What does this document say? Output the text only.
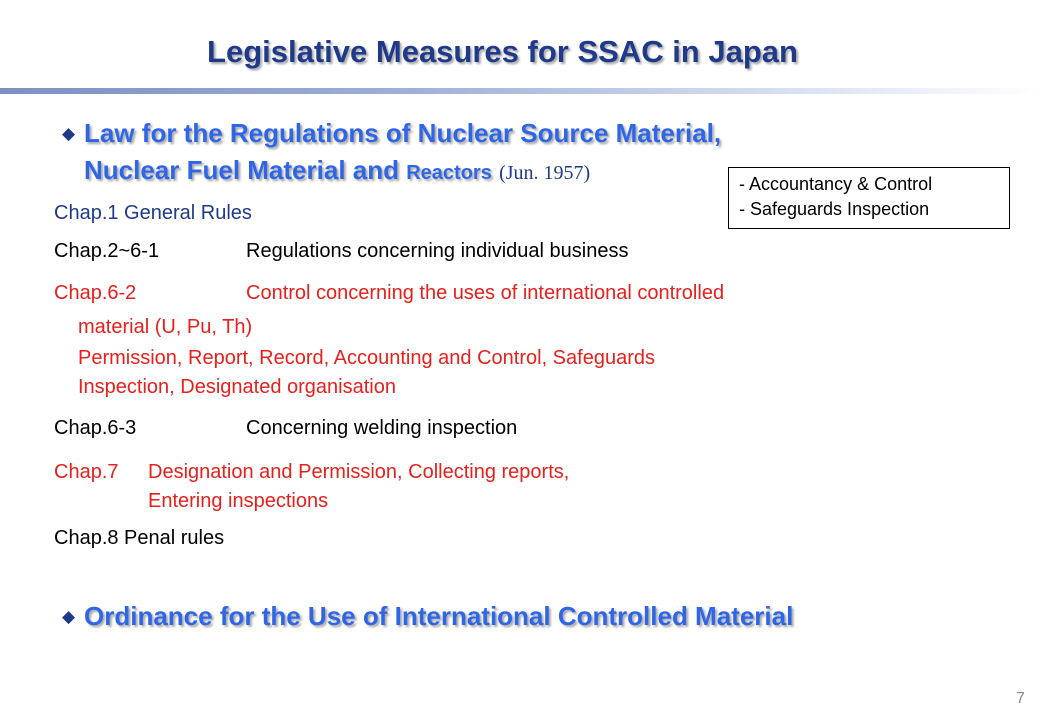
Legislative Measures for SSAC in Japan
◆ Law for the Regulations of Nuclear Source Material,
Nuclear Fuel Material and Reactors (Jun. 1957)	- Accountancy & Control
- Safeguards Inspection
Chap.1 General Rules
Chap.2~6-1	Regulations concerning individual business
Chap.6-2	Control concerning the uses of international controlled
material (U, Pu, Th)
Permission, Report, Record, Accounting and Control, Safeguards
Inspection, Designated organisation
Chap.6-3	Concerning welding inspection
Chap.7 Designation and Permission, Collecting reports,
Entering inspections
Chap.8 Penal rules
◆ Ordinance for the Use of International Controlled Material
7
